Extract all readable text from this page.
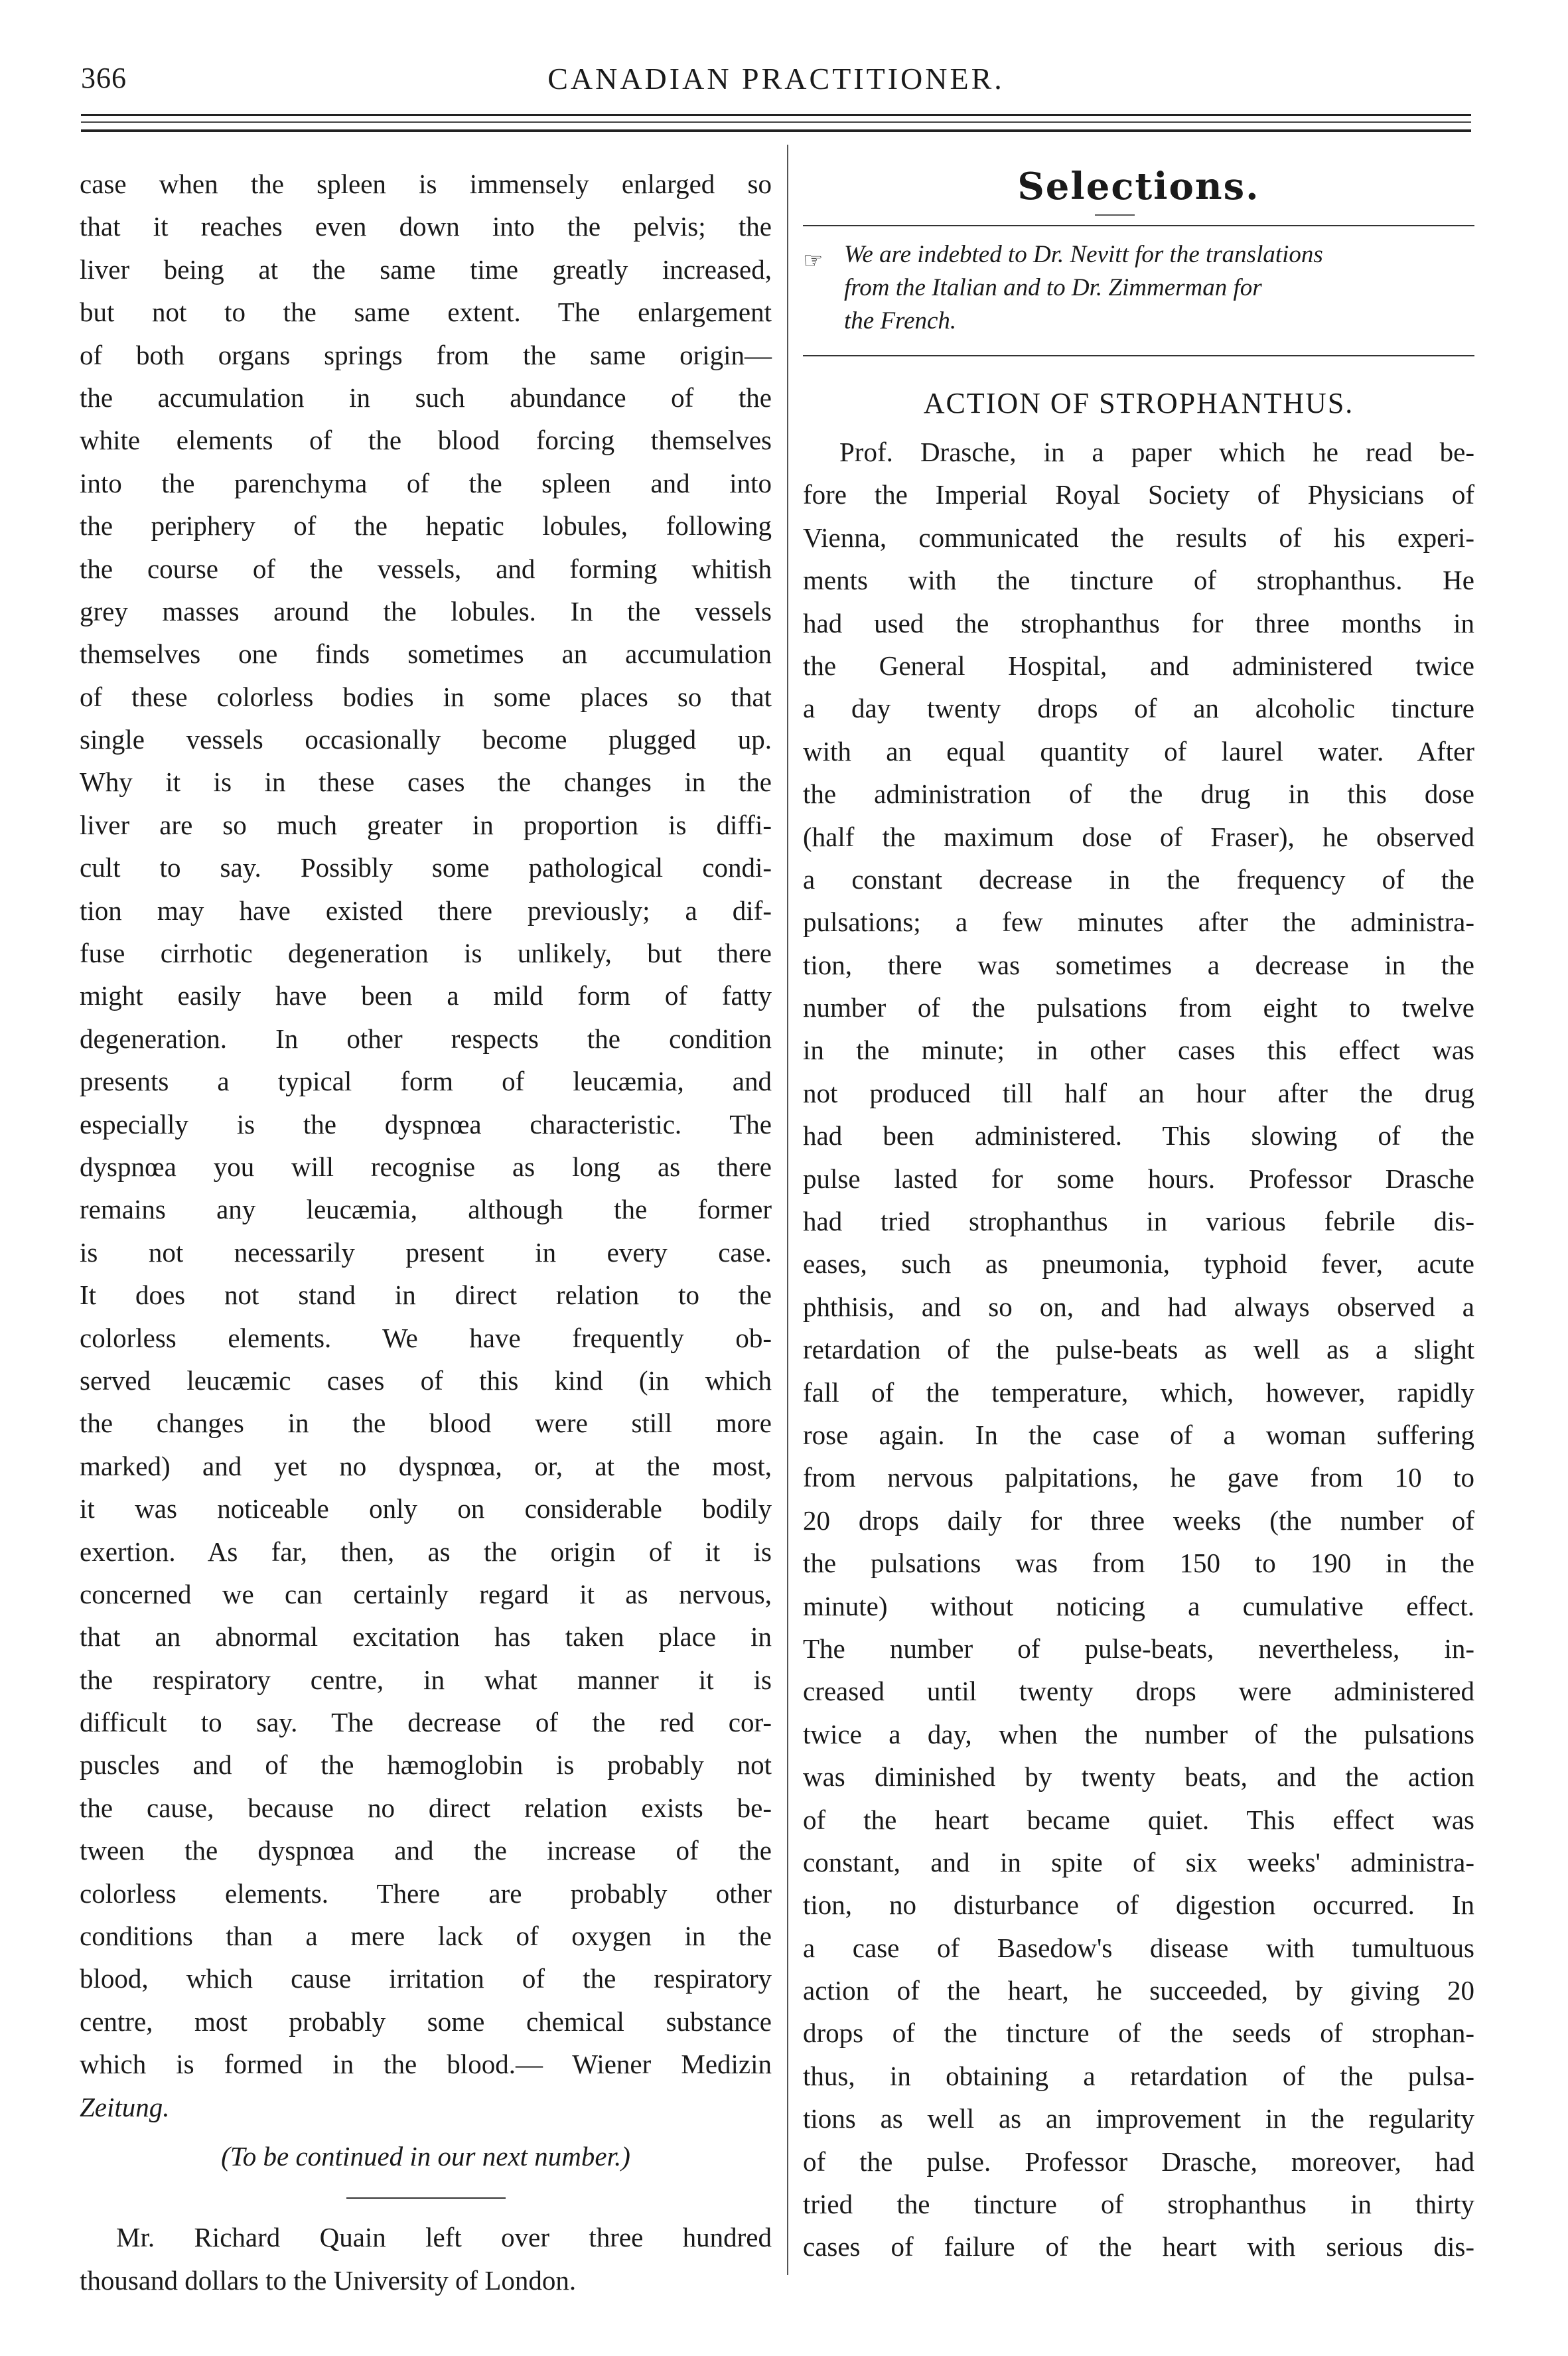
366	CANADIAN PRACTITIONER.
case when the spleen is immensely enlarged so
that it reaches even down into the pelvis; the
liver being at the same time greatly increased,
but not to the same extent. The enlargement
of both organs springs from the same origin—
the accumulation in such abundance of the
white elements of the blood forcing themselves
into the parenchyma of the spleen and into
the periphery of the hepatic lobules, following
the course of the vessels, and forming whitish
grey masses around the lobules. In the vessels
themselves one finds sometimes an accumulation
of these colorless bodies in some places so that
single vessels occasionally become plugged up.
Why it is in these cases the changes in the
liver are so much greater in proportion is diffi-
cult to say. Possibly some pathological condi-
tion may have existed there previously; a dif-
fuse cirrhotic degeneration is unlikely, but there
might easily have been a mild form of fatty
degeneration. In other respects the condition
presents a typical form of leucæmia, and
especially is the dyspnœa characteristic. The
dyspnœa you will recognise as long as there
remains any leucæmia, although the former
is not necessarily present in every case.
It does not stand in direct relation to the
colorless elements. We have frequently ob-
served leucæmic cases of this kind (in which
the changes in the blood were still more
marked) and yet no dyspnœa, or, at the most,
it was noticeable only on considerable bodily
exertion. As far, then, as the origin of it is
concerned we can certainly regard it as nervous,
that an abnormal excitation has taken place in
the respiratory centre, in what manner it is
difficult to say. The decrease of the red cor-
puscles and of the hæmoglobin is probably not
the cause, because no direct relation exists be-
tween the dyspnœa and the increase of the
colorless elements. There are probably other
conditions than a mere lack of oxygen in the
blood, which cause irritation of the respiratory
centre, most probably some chemical substance
which is formed in the blood.— Wiener Medizin
Zeitung.
(To be continued in our next number.)
Mr. Richard Quain left over three hundred
thousand dollars to the University of London.
Selections.
☞ We are indebted to Dr. Nevitt for the translations
from the Italian and to Dr. Zimmerman for
the French.
ACTION OF STROPHANTHUS.
Prof. Drasche, in a paper which he read be-
fore the Imperial Royal Society of Physicians of
Vienna, communicated the results of his experi-
ments with the tincture of strophanthus. He
had used the strophanthus for three months in
the General Hospital, and administered twice
a day twenty drops of an alcoholic tincture
with an equal quantity of laurel water. After
the administration of the drug in this dose
(half the maximum dose of Fraser), he observed
a constant decrease in the frequency of the
pulsations; a few minutes after the administra-
tion, there was sometimes a decrease in the
number of the pulsations from eight to twelve
in the minute; in other cases this effect was
not produced till half an hour after the drug
had been administered. This slowing of the
pulse lasted for some hours. Professor Drasche
had tried strophanthus in various febrile dis-
eases, such as pneumonia, typhoid fever, acute
phthisis, and so on, and had always observed a
retardation of the pulse-beats as well as a slight
fall of the temperature, which, however, rapidly
rose again. In the case of a woman suffering
from nervous palpitations, he gave from 10 to
20 drops daily for three weeks (the number of
the pulsations was from 150 to 190 in the
minute) without noticing a cumulative effect.
The number of pulse-beats, nevertheless, in-
creased until twenty drops were administered
twice a day, when the number of the pulsations
was diminished by twenty beats, and the action
of the heart became quiet. This effect was
constant, and in spite of six weeks' administra-
tion, no disturbance of digestion occurred. In
a case of Basedow's disease with tumultuous
action of the heart, he succeeded, by giving 20
drops of the tincture of the seeds of strophan-
thus, in obtaining a retardation of the pulsa-
tions as well as an improvement in the regularity
of the pulse. Professor Drasche, moreover, had
tried the tincture of strophanthus in thirty
cases of failure of the heart with serious dis-
